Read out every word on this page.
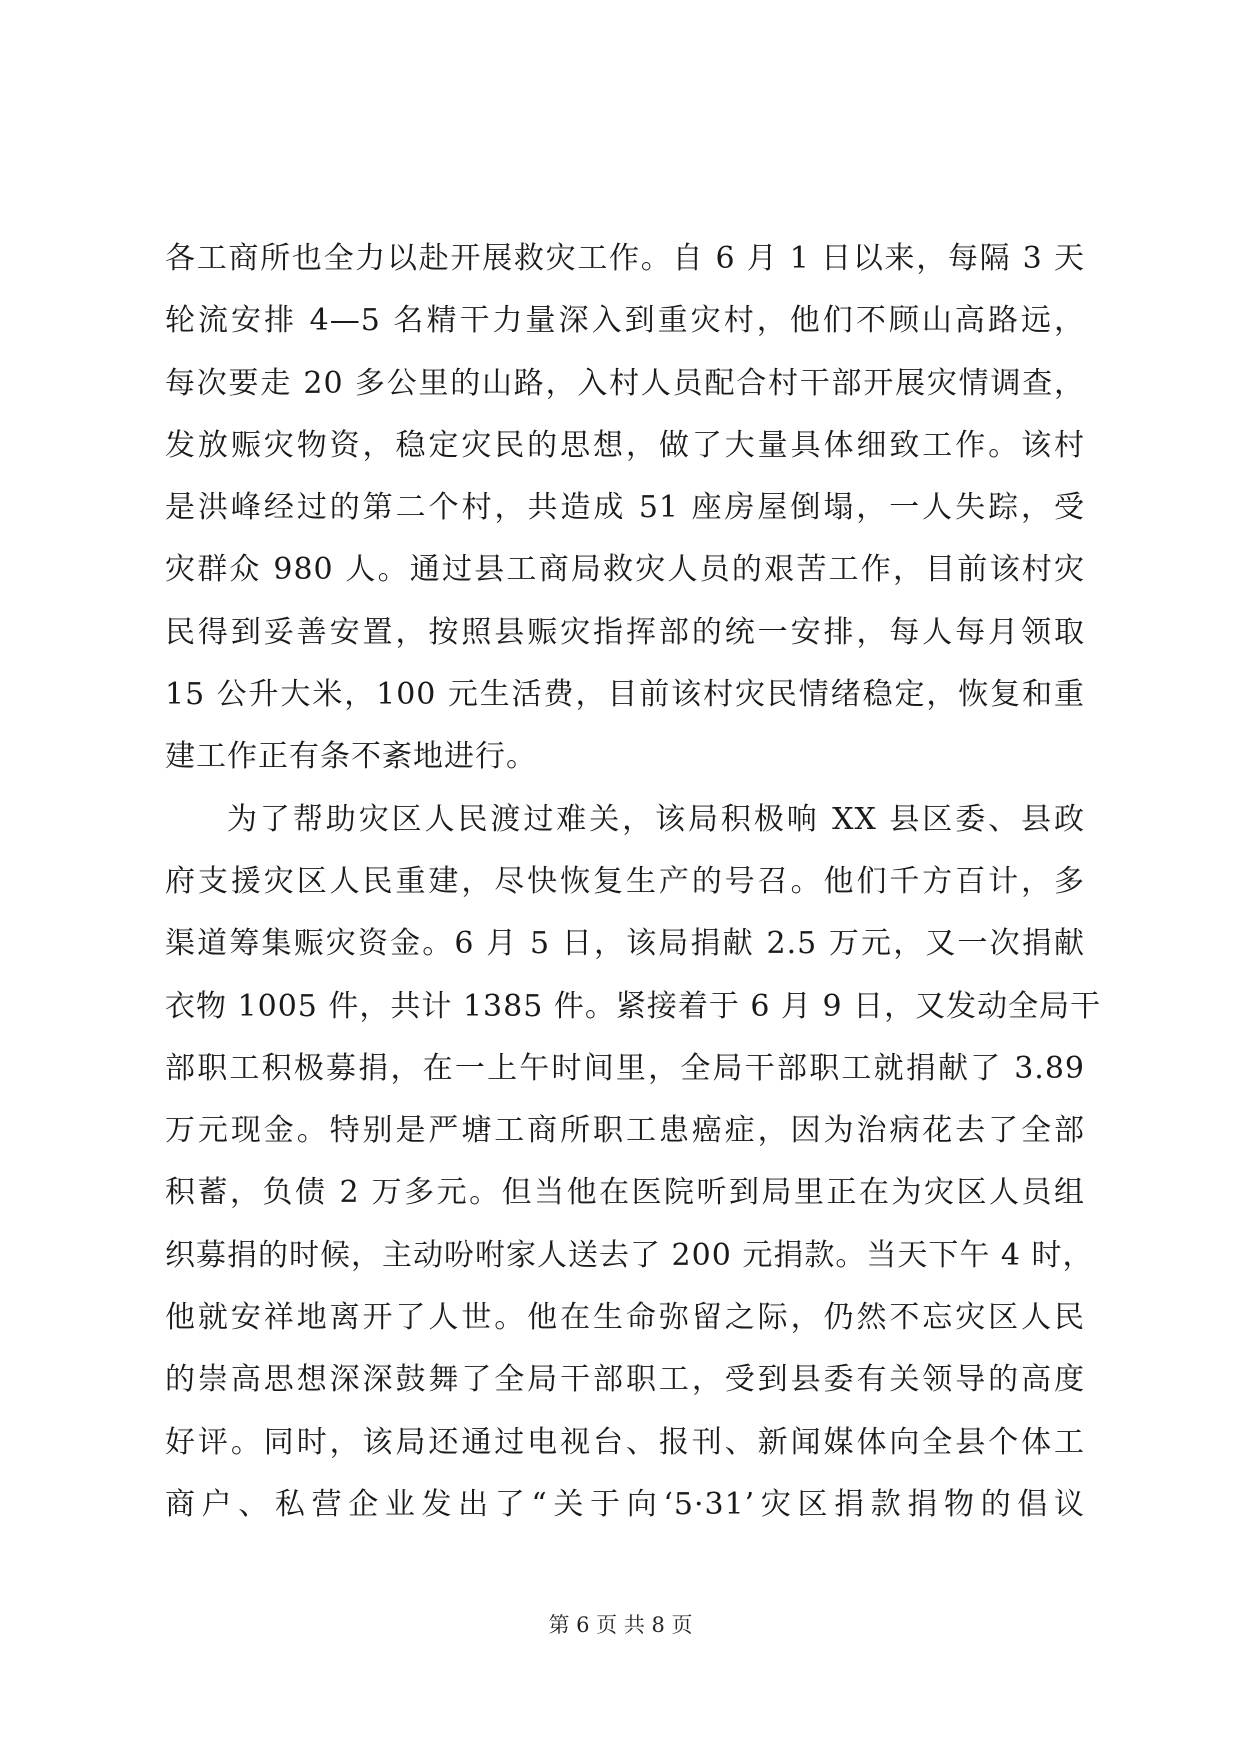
各工商所也全力以赴开展救灾工作。自 6 月 1 日以来，每隔 3 天
轮流安排 4—5 名精干力量深入到重灾村，他们不顾山高路远，
每次要走 20 多公里的山路，入村人员配合村干部开展灾情调查，
发放赈灾物资，稳定灾民的思想，做了大量具体细致工作。该村
是洪峰经过的第二个村，共造成 51 座房屋倒塌，一人失踪，受
灾群众 980 人。通过县工商局救灾人员的艰苦工作，目前该村灾
民得到妥善安置，按照县赈灾指挥部的统一安排，每人每月领取
15 公升大米，100 元生活费，目前该村灾民情绪稳定，恢复和重
建工作正有条不紊地进行。
为了帮助灾区人民渡过难关，该局积极响 XX 县区委、县政
府支援灾区人民重建，尽快恢复生产的号召。他们千方百计，多
渠道筹集赈灾资金。6 月 5 日，该局捐献 2.5 万元，又一次捐献
衣物 1005 件，共计 1385 件。紧接着于 6 月 9 日，又发动全局干
部职工积极募捐，在一上午时间里，全局干部职工就捐献了 3.89
万元现金。特别是严塘工商所职工患癌症，因为治病花去了全部
积蓄，负债 2 万多元。但当他在医院听到局里正在为灾区人员组
织募捐的时候，主动吩咐家人送去了 200 元捐款。当天下午 4 时，
他就安祥地离开了人世。他在生命弥留之际，仍然不忘灾区人民
的崇高思想深深鼓舞了全局干部职工，受到县委有关领导的高度
好评。同时，该局还通过电视台、报刊、新闻媒体向全县个体工
商户、私营企业发出了“关于向‘5·31’灾区捐款捐物的倡议
第 6 页 共 8 页
